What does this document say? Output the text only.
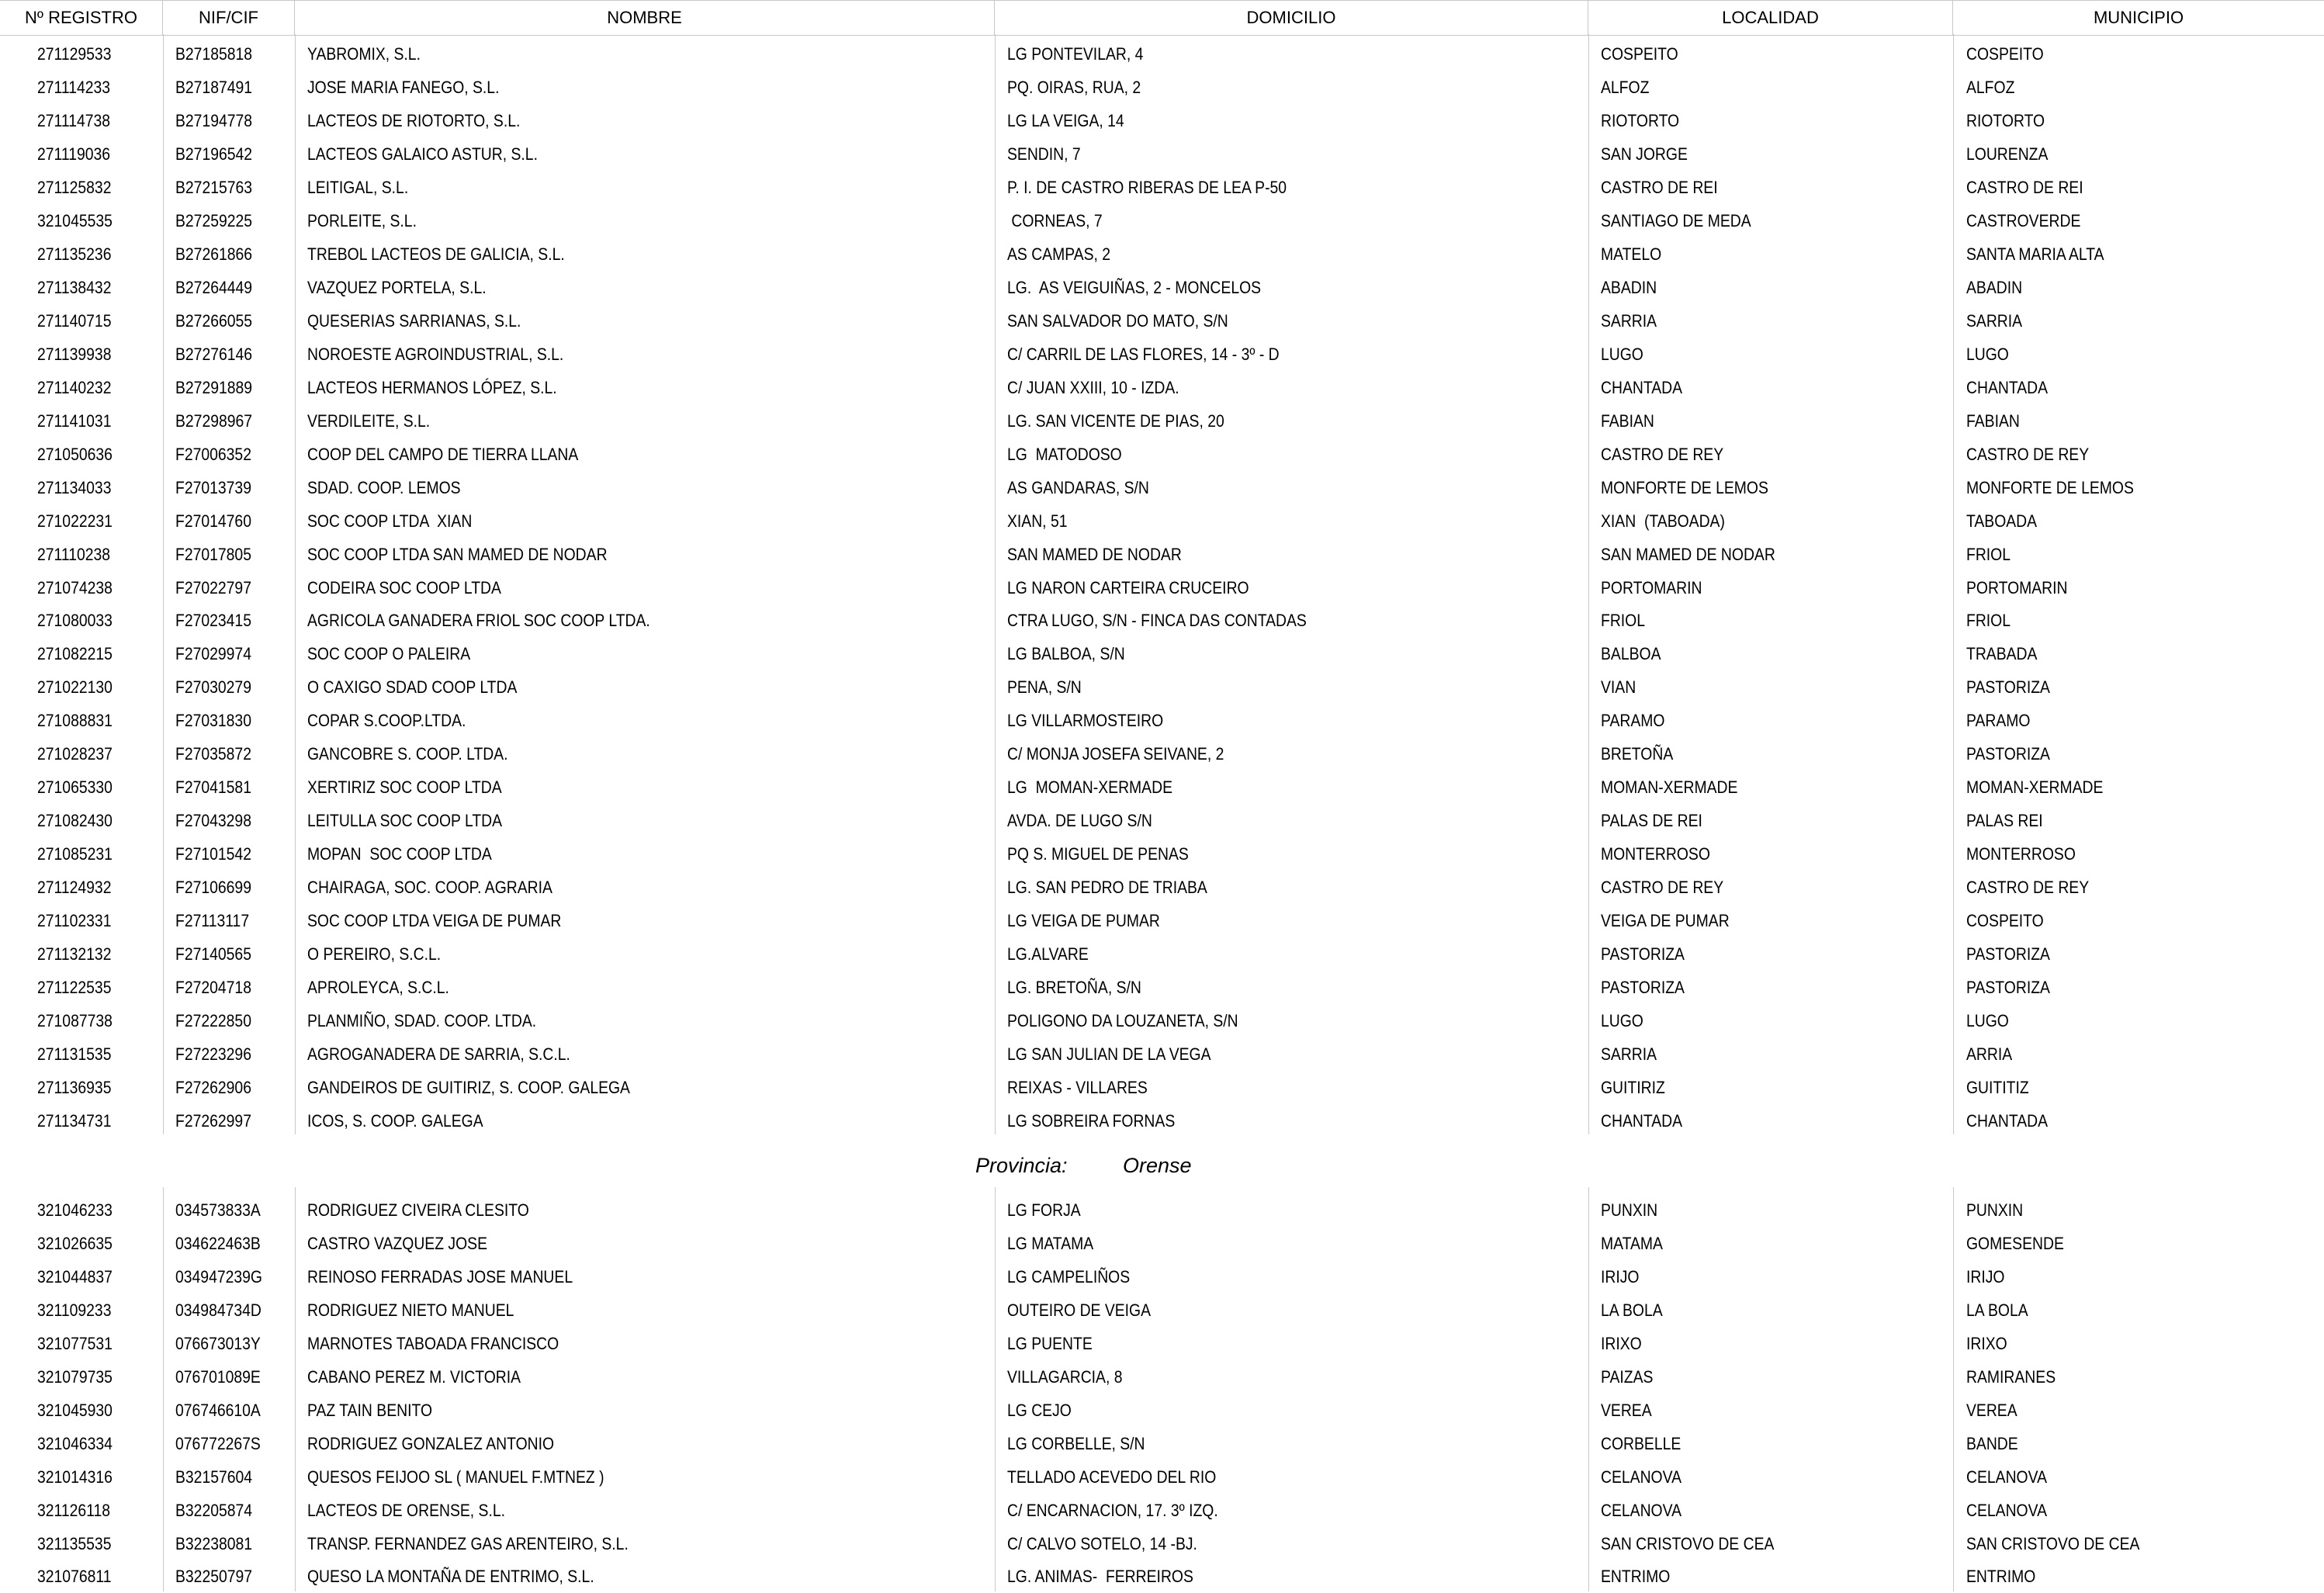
Nº REGISTRO	NIF/CIF	NOMBRE	DOMICILIO	LOCALIDAD	MUNICIPIO
271129533	B27185818	YABROMIX, S.L.	LG PONTEVILAR, 4	COSPEITO	COSPEITO
271114233	B27187491	JOSE MARIA FANEGO, S.L.	PQ. OIRAS, RUA, 2	ALFOZ	ALFOZ
271114738	B27194778	LACTEOS DE RIOTORTO, S.L.	LG LA VEIGA, 14	RIOTORTO	RIOTORTO
271119036	B27196542	LACTEOS GALAICO ASTUR, S.L.	SENDIN, 7	SAN JORGE	LOURENZA
271125832	B27215763	LEITIGAL, S.L.	P. I. DE CASTRO RIBERAS DE LEA P-50	CASTRO DE REI	CASTRO DE REI
321045535	B27259225	PORLEITE, S.L.	CORNEAS, 7	SANTIAGO DE MEDA	CASTROVERDE
271135236	B27261866	TREBOL LACTEOS DE GALICIA, S.L.	AS CAMPAS, 2	MATELO	SANTA MARIA ALTA
271138432	B27264449	VAZQUEZ PORTELA, S.L.	LG.  AS VEIGUIÑAS, 2 - MONCELOS	ABADIN	ABADIN
271140715	B27266055	QUESERIAS SARRIANAS, S.L.	SAN SALVADOR DO MATO, S/N	SARRIA	SARRIA
271139938	B27276146	NOROESTE AGROINDUSTRIAL, S.L.	C/ CARRIL DE LAS FLORES, 14 - 3º - D	LUGO	LUGO
271140232	B27291889	LACTEOS HERMANOS LÓPEZ, S.L.	C/ JUAN XXIII, 10 - IZDA.	CHANTADA	CHANTADA
271141031	B27298967	VERDILEITE, S.L.	LG. SAN VICENTE DE PIAS, 20	FABIAN	FABIAN
271050636	F27006352	COOP DEL CAMPO DE TIERRA LLANA	LG  MATODOSO	CASTRO DE REY	CASTRO DE REY
271134033	F27013739	SDAD. COOP. LEMOS	AS GANDARAS, S/N	MONFORTE DE LEMOS	MONFORTE DE LEMOS
271022231	F27014760	SOC COOP LTDA  XIAN	XIAN, 51	XIAN  (TABOADA)	TABOADA
271110238	F27017805	SOC COOP LTDA SAN MAMED DE NODAR	SAN MAMED DE NODAR	SAN MAMED DE NODAR	FRIOL
271074238	F27022797	CODEIRA SOC COOP LTDA	LG NARON CARTEIRA CRUCEIRO	PORTOMARIN	PORTOMARIN
271080033	F27023415	AGRICOLA GANADERA FRIOL SOC COOP LTDA.	CTRA LUGO, S/N - FINCA DAS CONTADAS	FRIOL	FRIOL
271082215	F27029974	SOC COOP O PALEIRA	LG BALBOA, S/N	BALBOA	TRABADA
271022130	F27030279	O CAXIGO SDAD COOP LTDA	PENA, S/N	VIAN	PASTORIZA
271088831	F27031830	COPAR S.COOP.LTDA.	LG VILLARMOSTEIRO	PARAMO	PARAMO
271028237	F27035872	GANCOBRE S. COOP. LTDA.	C/ MONJA JOSEFA SEIVANE, 2	BRETOÑA	PASTORIZA
271065330	F27041581	XERTIRIZ SOC COOP LTDA	LG  MOMAN-XERMADE	MOMAN-XERMADE	MOMAN-XERMADE
271082430	F27043298	LEITULLA SOC COOP LTDA	AVDA. DE LUGO S/N	PALAS DE REI	PALAS REI
271085231	F27101542	MOPAN  SOC COOP LTDA	PQ S. MIGUEL DE PENAS	MONTERROSO	MONTERROSO
271124932	F27106699	CHAIRAGA, SOC. COOP. AGRARIA	LG. SAN PEDRO DE TRIABA	CASTRO DE REY	CASTRO DE REY
271102331	F27113117	SOC COOP LTDA VEIGA DE PUMAR	LG VEIGA DE PUMAR	VEIGA DE PUMAR	COSPEITO
271132132	F27140565	O PEREIRO, S.C.L.	LG.ALVARE	PASTORIZA	PASTORIZA
271122535	F27204718	APROLEYCA, S.C.L.	LG. BRETOÑA, S/N	PASTORIZA	PASTORIZA
271087738	F27222850	PLANMIÑO, SDAD. COOP. LTDA.	POLIGONO DA LOUZANETA, S/N	LUGO	LUGO
271131535	F27223296	AGROGANADERA DE SARRIA, S.C.L.	LG SAN JULIAN DE LA VEGA	SARRIA	ARRIA
271136935	F27262906	GANDEIROS DE GUITIRIZ, S. COOP. GALEGA	REIXAS - VILLARES	GUITIRIZ	GUITITIZ
271134731	F27262997	ICOS, S. COOP. GALEGA	LG SOBREIRA FORNAS	CHANTADA	CHANTADA
Provincia:	Orense
321046233	034573833A	RODRIGUEZ CIVEIRA CLESITO	LG FORJA	PUNXIN	PUNXIN
321026635	034622463B	CASTRO VAZQUEZ JOSE	LG MATAMA	MATAMA	GOMESENDE
321044837	034947239G	REINOSO FERRADAS JOSE MANUEL	LG CAMPELIÑOS	IRIJO	IRIJO
321109233	034984734D	RODRIGUEZ NIETO MANUEL	OUTEIRO DE VEIGA	LA BOLA	LA BOLA
321077531	076673013Y	MARNOTES TABOADA FRANCISCO	LG PUENTE	IRIXO	IRIXO
321079735	076701089E	CABANO PEREZ M. VICTORIA	VILLAGARCIA, 8	PAIZAS	RAMIRANES
321045930	076746610A	PAZ TAIN BENITO	LG CEJO	VEREA	VEREA
321046334	076772267S	RODRIGUEZ GONZALEZ ANTONIO	LG CORBELLE, S/N	CORBELLE	BANDE
321014316	B32157604	QUESOS FEIJOO SL ( MANUEL F.MTNEZ )	TELLADO ACEVEDO DEL RIO	CELANOVA	CELANOVA
321126118	B32205874	LACTEOS DE ORENSE, S.L.	C/ ENCARNACION, 17. 3º IZQ.	CELANOVA	CELANOVA
321135535	B32238081	TRANSP. FERNANDEZ GAS ARENTEIRO, S.L.	C/ CALVO SOTELO, 14 -BJ.	SAN CRISTOVO DE CEA	SAN CRISTOVO DE CEA
321076811	B32250797	QUESO LA MONTAÑA DE ENTRIMO, S.L.	LG. ANIMAS-  FERREIROS	ENTRIMO	ENTRIMO
